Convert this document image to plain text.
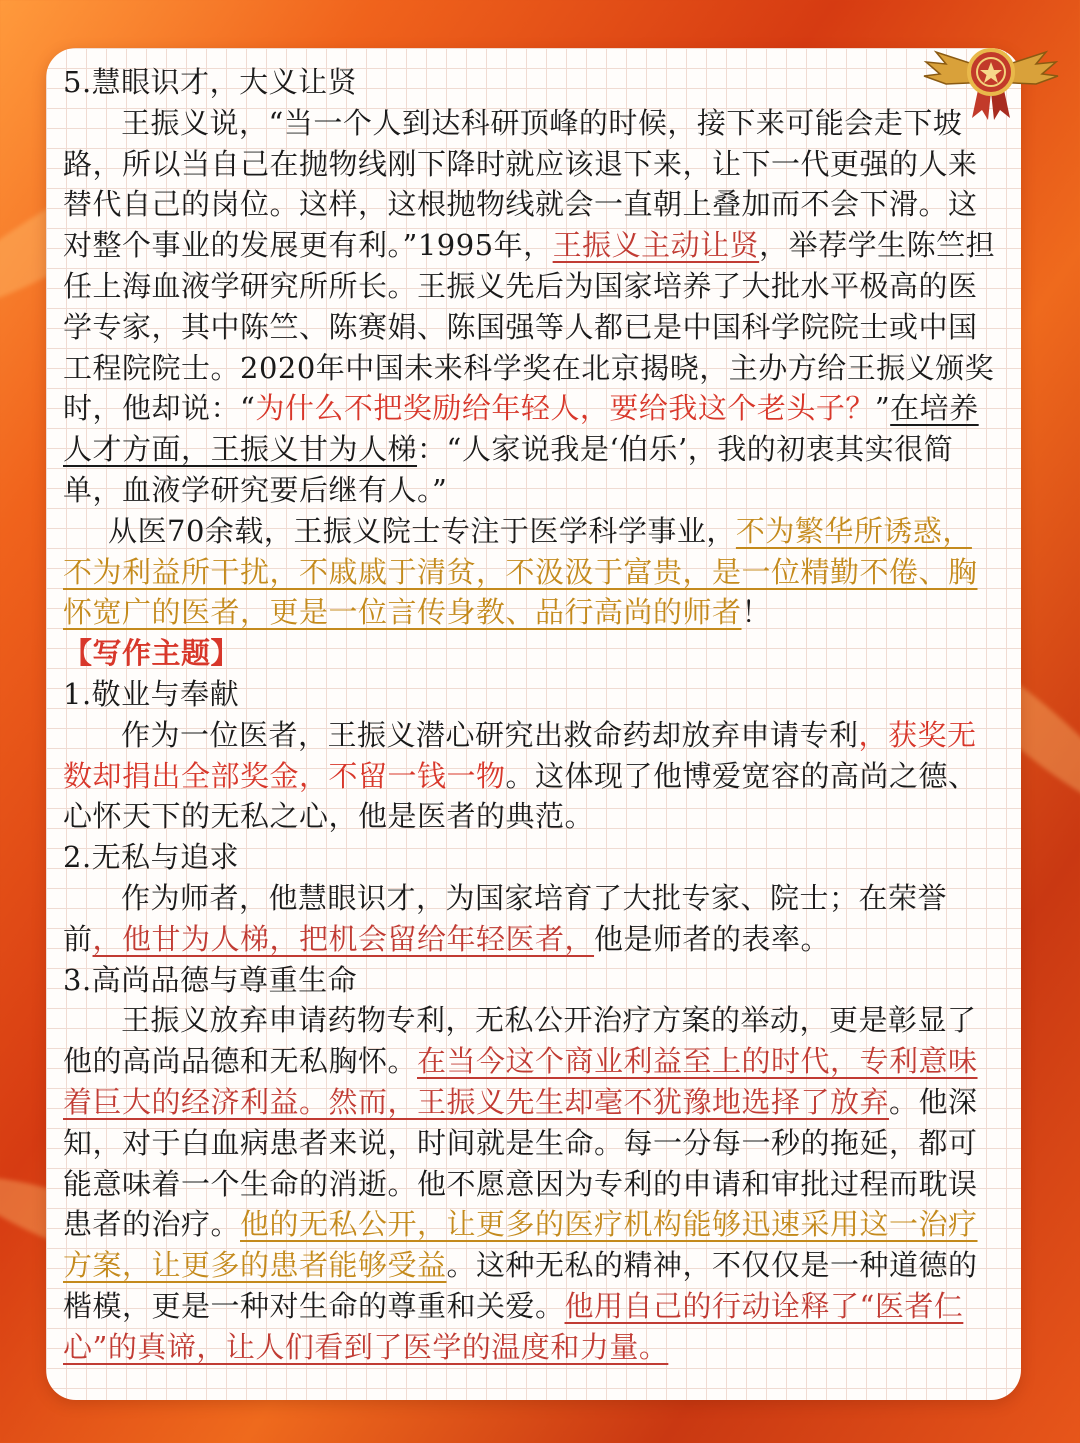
5.慧眼识才，大义让贤

王振义说，“当一个人到达科研顶峰的时候，接下来可能会走下坡路，所以当自己在抛物线刚下降时就应该退下来，让下一代更强的人来替代自己的岗位。这样，这根抛物线就会一直朝上叠加而不会下滑。这对整个事业的发展更有利。”1995年，王振义主动让贤，举荐学生陈竺担任上海血液学研究所所长。王振义先后为国家培养了大批水平极高的医学专家，其中陈竺、陈赛娟、陈国强等人都已是中国科学院院士或中国工程院院士。2020年中国未来科学奖在北京揭晓，主办方给王振义颁奖时，他却说：“为什么不把奖励给年轻人，要给我这个老头子？”在培养人才方面，王振义甘为人梯：“人家说我是‘伯乐’，我的初衷其实很简单，血液学研究要后继有人。”

从医70余载，王振义院士专注于医学科学事业，不为繁华所诱惑，不为利益所干扰，不戚戚于清贫，不汲汲于富贵，是一位精勤不倦、胸怀宽广的医者，更是一位言传身教、品行高尚的师者！

【写作主题】

1.敬业与奉献

作为一位医者，王振义潜心研究出救命药却放弃申请专利，获奖无数却捐出全部奖金，不留一钱一物。这体现了他博爱宽容的高尚之德、心怀天下的无私之心，他是医者的典范。

2.无私与追求

作为师者，他慧眼识才，为国家培育了大批专家、院士；在荣誉前，他甘为人梯，把机会留给年轻医者，他是师者的表率。

3.高尚品德与尊重生命

王振义放弃申请药物专利，无私公开治疗方案的举动，更是彰显了他的高尚品德和无私胸怀。在当今这个商业利益至上的时代，专利意味着巨大的经济利益。然而，王振义先生却毫不犹豫地选择了放弃。他深知，对于白血病患者来说，时间就是生命。每一分每一秒的拖延，都可能意味着一个生命的消逝。他不愿意因为专利的申请和审批过程而耽误患者的治疗。他的无私公开，让更多的医疗机构能够迅速采用这一治疗方案，让更多的患者能够受益。这种无私的精神，不仅仅是一种道德的楷模，更是一种对生命的尊重和关爱。他用自己的行动诠释了“医者仁心”的真谛，让人们看到了医学的温度和力量。
